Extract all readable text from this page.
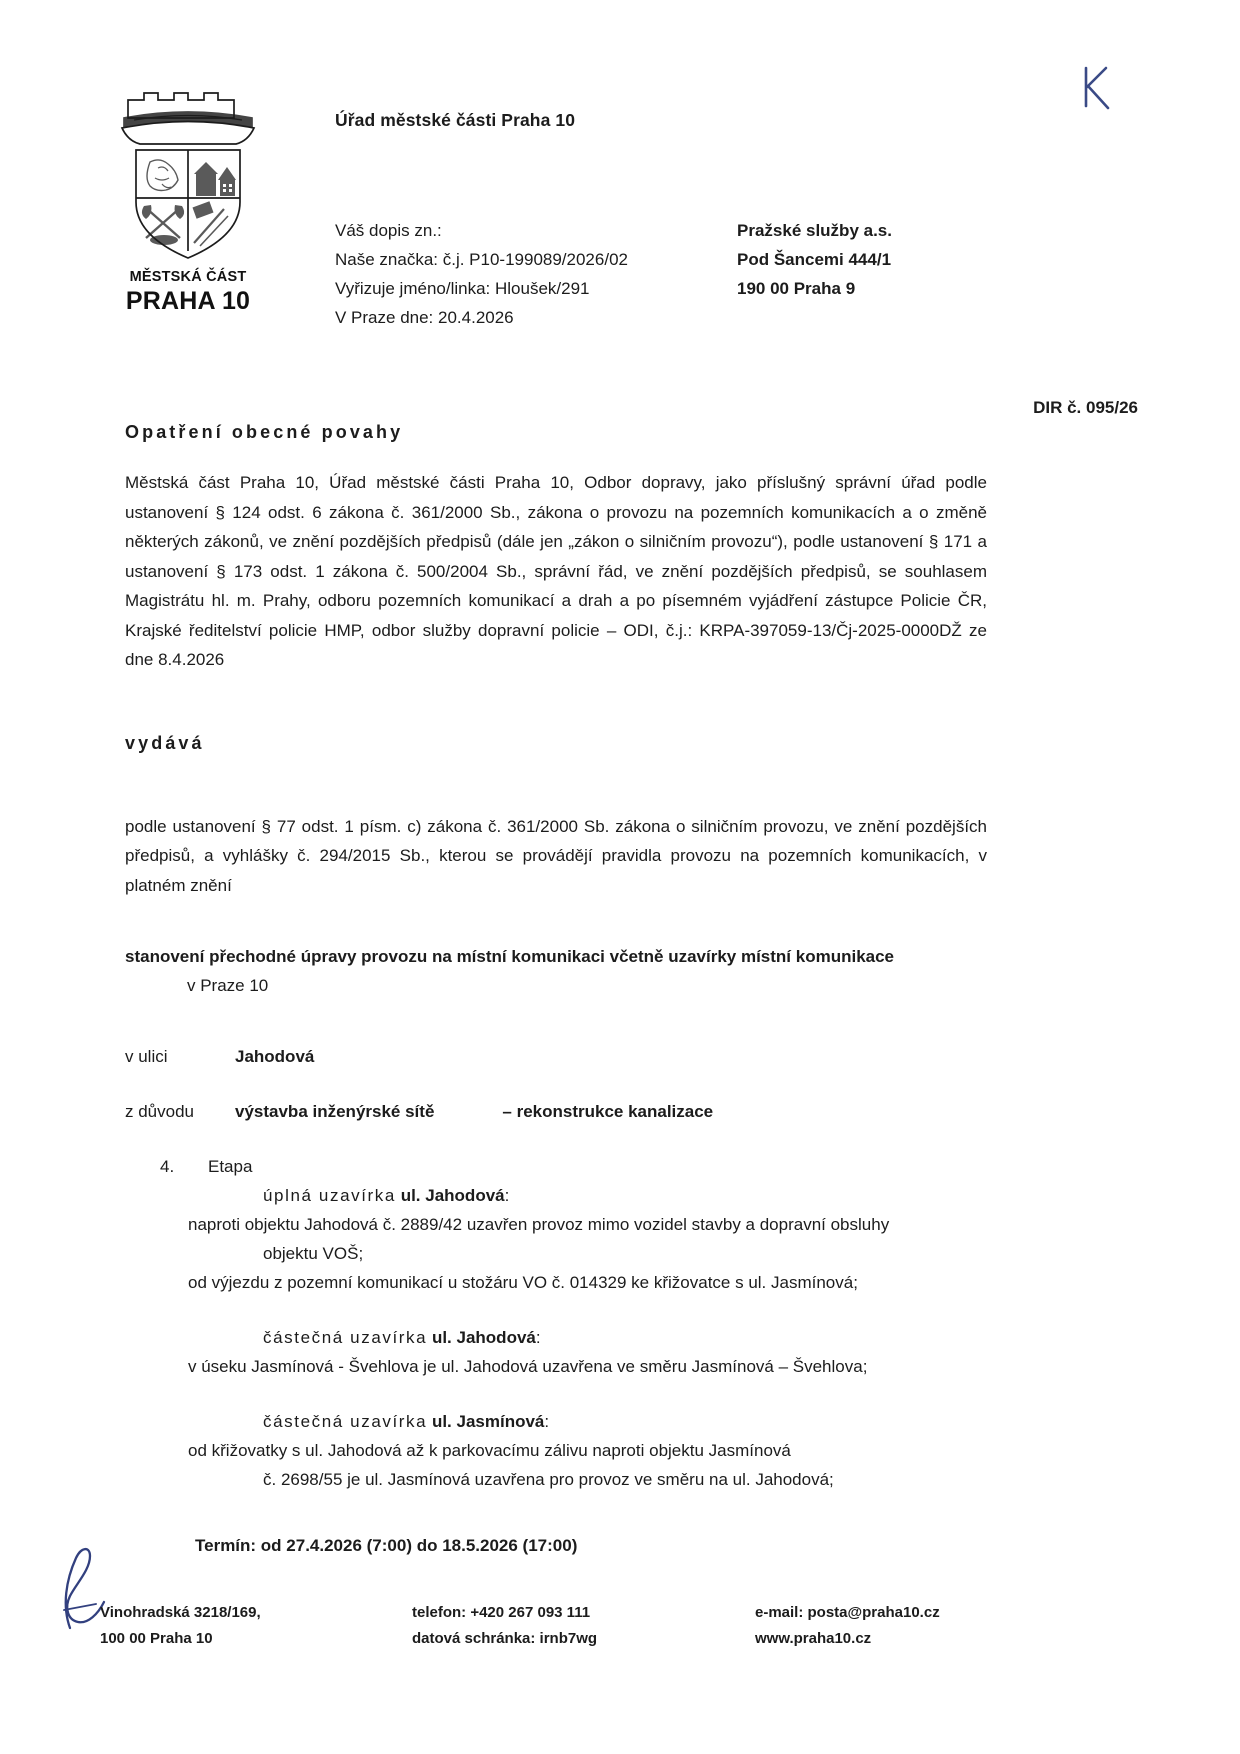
MĚSTSKÁ ČÁST
PRAHA 10
Úřad městské části Praha 10
Váš dopis zn.:
Naše značka: č.j. P10-199089/2026/02
Vyřizuje jméno/linka: Hloušek/291
V Praze dne: 20.4.2026
Pražské služby a.s.
Pod Šancemi 444/1
190 00 Praha 9
DIR č. 095/26
Opatření obecné povahy

Městská část Praha 10, Úřad městské části Praha 10, Odbor dopravy, jako příslušný správní úřad podle ustanovení § 124 odst. 6 zákona č. 361/2000 Sb., zákona o provozu na pozemních komunikacích a o změně některých zákonů, ve znění pozdějších předpisů (dále jen „zákon o silničním provozu“), podle ustanovení § 171 a ustanovení § 173 odst. 1 zákona č. 500/2004 Sb., správní řád, ve znění pozdějších předpisů, se souhlasem Magistrátu hl. m. Prahy, odboru pozemních komunikací a drah a po písemném vyjádření zástupce Policie ČR, Krajské ředitelství policie HMP, odbor služby dopravní policie – ODI, č.j.: KRPA-397059-13/Čj-2025-0000DŽ ze dne 8.4.2026

vydává

podle ustanovení § 77 odst. 1 písm. c) zákona č. 361/2000 Sb. zákona o silničním provozu, ve znění pozdějších předpisů, a vyhlášky č. 294/2015 Sb., kterou se provádějí pravidla provozu na pozemních komunikacích, v platném znění

stanovení přechodné úpravy provozu na místní komunikaci včetně uzavírky místní komunikace
v Praze 10
v ulici	Jahodová
z důvodu	výstavba inženýrské sítě	– rekonstrukce kanalizace
4.	Etapa
úplná uzavírka ul. Jahodová:
naproti objektu Jahodová č. 2889/42 uzavřen provoz mimo vozidel stavby a dopravní obsluhy
objektu VOŠ;
od výjezdu z pozemní komunikací u stožáru VO č. 014329 ke křižovatce s ul. Jasmínová;
částečná uzavírka ul. Jahodová:
v úseku Jasmínová - Švehlova je ul. Jahodová uzavřena ve směru Jasmínová – Švehlova;
částečná uzavírka ul. Jasmínová:
od křižovatky s ul. Jahodová až k parkovacímu zálivu naproti objektu Jasmínová
č. 2698/55 je ul. Jasmínová uzavřena pro provoz ve směru na ul. Jahodová;
Termín: od 27.4.2026 (7:00) do 18.5.2026 (17:00)
Vinohradská 3218/169,
100 00 Praha 10
telefon: +420 267 093 111
datová schránka: irnb7wg
e-mail: posta@praha10.cz
www.praha10.cz
